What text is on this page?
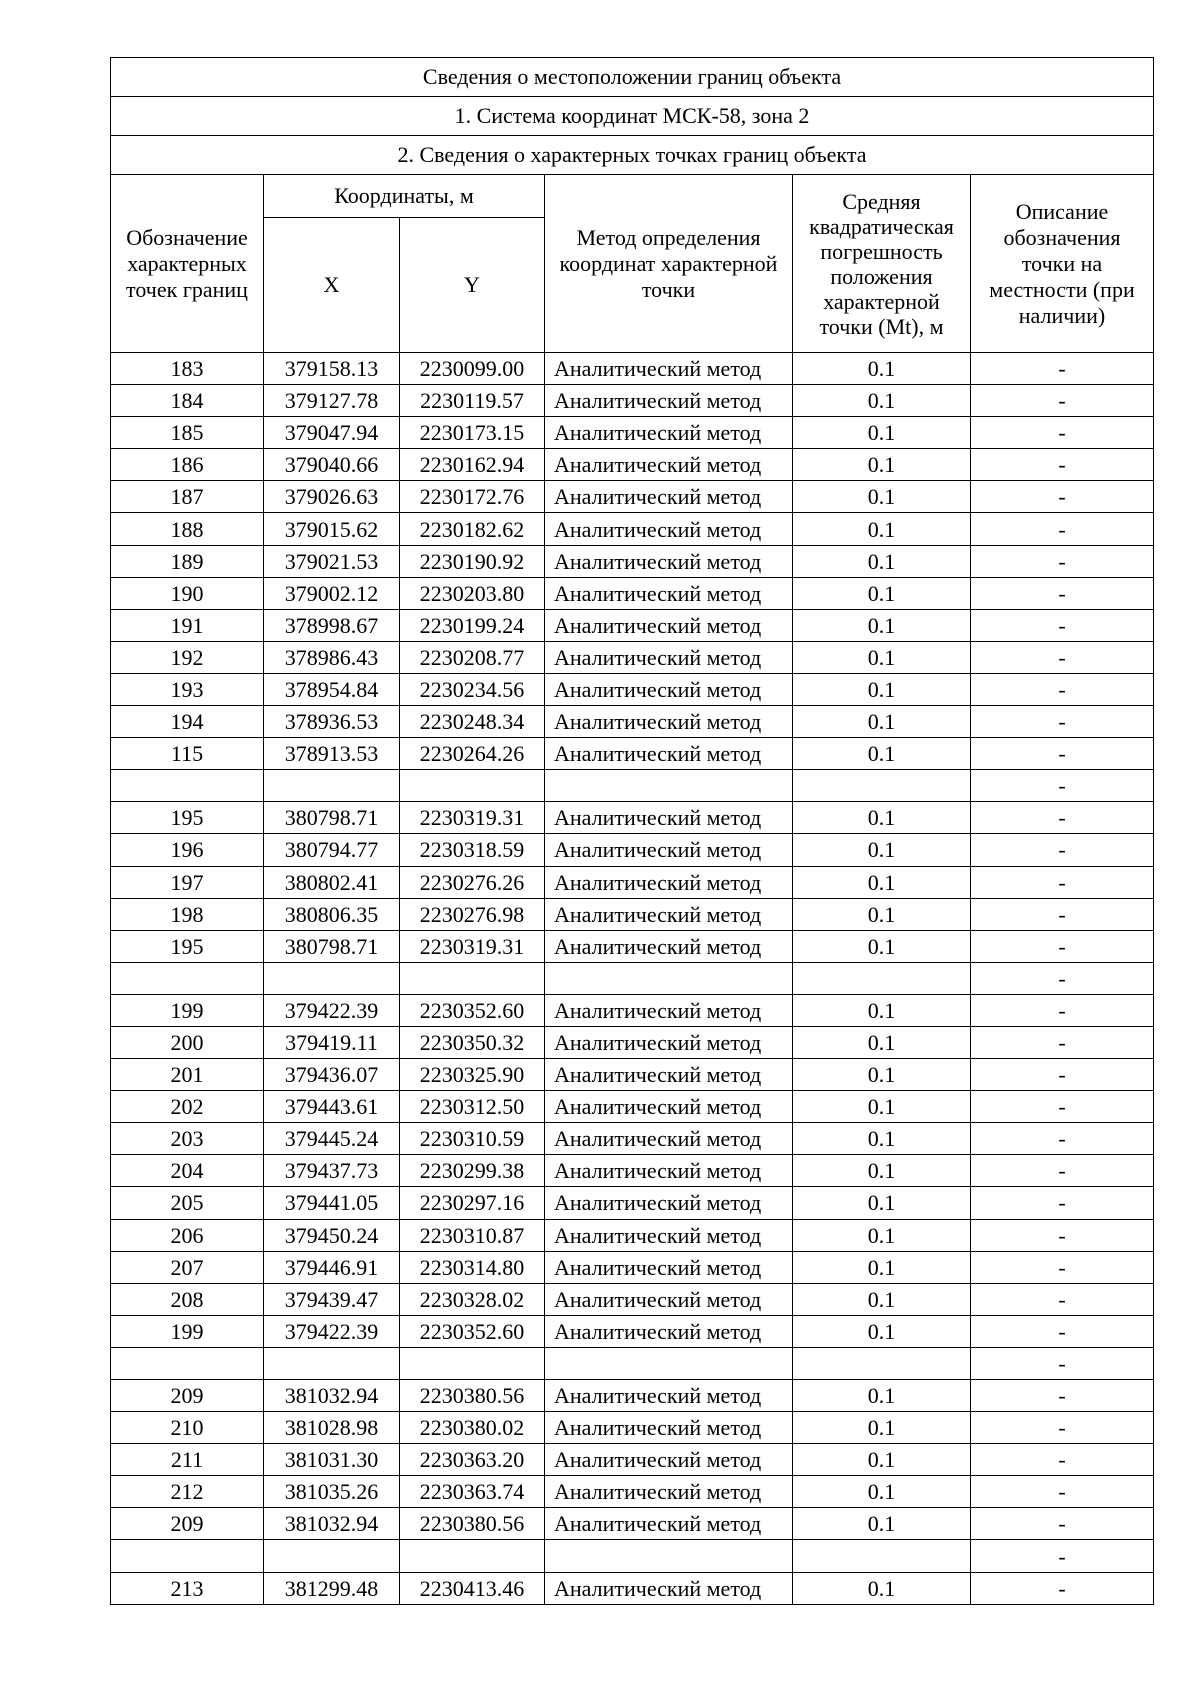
Сведения о местоположении границ объекта					
1. Система координат МСК-58, зона 2					
2. Сведения о характерных точках границ объекта					
Обозначение характерных точек границ	Координаты, м		Метод определения координат характерной точки	Средняя квадратическая погрешность положения характерной точки (Mt), м	Описание обозначения точки на местности (при наличии)
	X	Y			
183	379158.13	2230099.00	Аналитический метод	0.1	-
184	379127.78	2230119.57	Аналитический метод	0.1	-
185	379047.94	2230173.15	Аналитический метод	0.1	-
186	379040.66	2230162.94	Аналитический метод	0.1	-
187	379026.63	2230172.76	Аналитический метод	0.1	-
188	379015.62	2230182.62	Аналитический метод	0.1	-
189	379021.53	2230190.92	Аналитический метод	0.1	-
190	379002.12	2230203.80	Аналитический метод	0.1	-
191	378998.67	2230199.24	Аналитический метод	0.1	-
192	378986.43	2230208.77	Аналитический метод	0.1	-
193	378954.84	2230234.56	Аналитический метод	0.1	-
194	378936.53	2230248.34	Аналитический метод	0.1	-
115	378913.53	2230264.26	Аналитический метод	0.1	-
					-
195	380798.71	2230319.31	Аналитический метод	0.1	-
196	380794.77	2230318.59	Аналитический метод	0.1	-
197	380802.41	2230276.26	Аналитический метод	0.1	-
198	380806.35	2230276.98	Аналитический метод	0.1	-
195	380798.71	2230319.31	Аналитический метод	0.1	-
					-
199	379422.39	2230352.60	Аналитический метод	0.1	-
200	379419.11	2230350.32	Аналитический метод	0.1	-
201	379436.07	2230325.90	Аналитический метод	0.1	-
202	379443.61	2230312.50	Аналитический метод	0.1	-
203	379445.24	2230310.59	Аналитический метод	0.1	-
204	379437.73	2230299.38	Аналитический метод	0.1	-
205	379441.05	2230297.16	Аналитический метод	0.1	-
206	379450.24	2230310.87	Аналитический метод	0.1	-
207	379446.91	2230314.80	Аналитический метод	0.1	-
208	379439.47	2230328.02	Аналитический метод	0.1	-
199	379422.39	2230352.60	Аналитический метод	0.1	-
					-
209	381032.94	2230380.56	Аналитический метод	0.1	-
210	381028.98	2230380.02	Аналитический метод	0.1	-
211	381031.30	2230363.20	Аналитический метод	0.1	-
212	381035.26	2230363.74	Аналитический метод	0.1	-
209	381032.94	2230380.56	Аналитический метод	0.1	-
					-
213	381299.48	2230413.46	Аналитический метод	0.1	-
